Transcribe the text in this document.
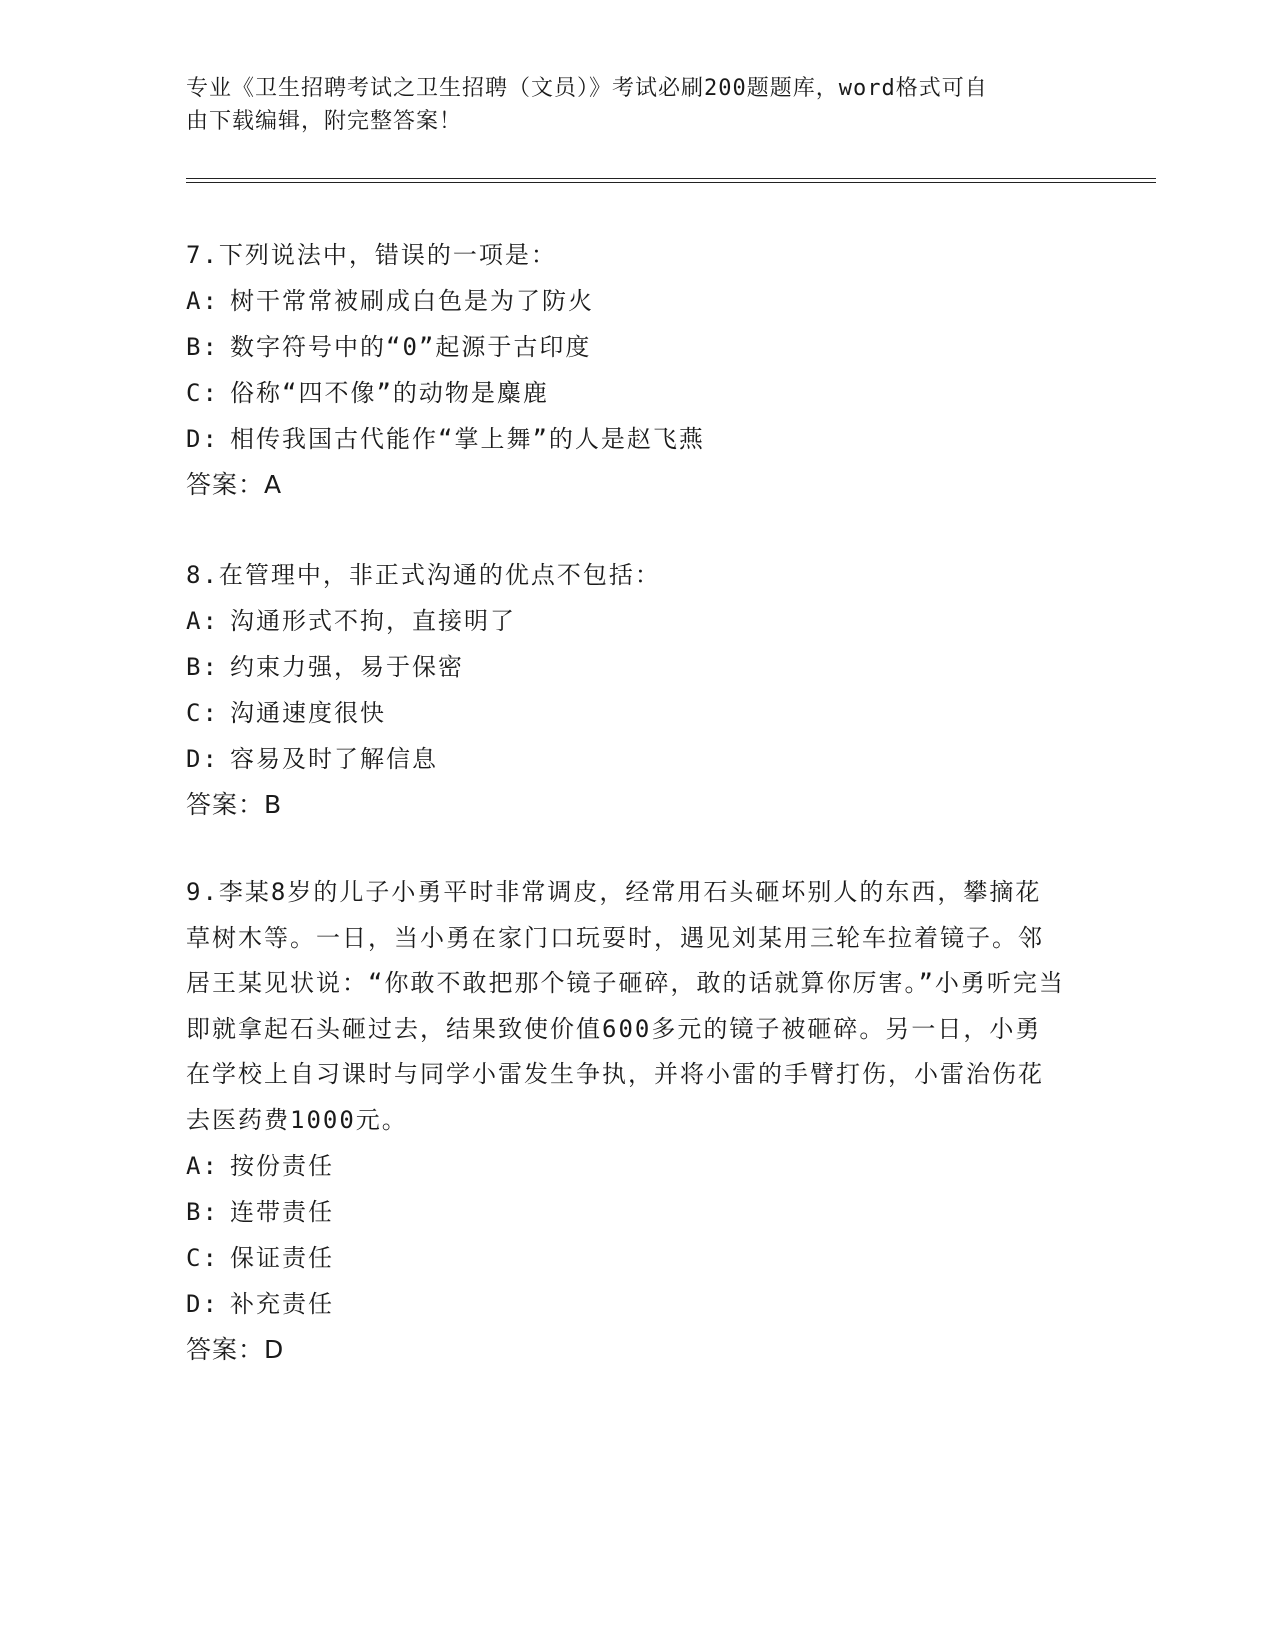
专业《卫生招聘考试之卫生招聘（文员）》考试必刷200题题库，word格式可自
由下载编辑，附完整答案！
7.下列说法中，错误的一项是：
A: 树干常常被刷成白色是为了防火
B: 数字符号中的“0”起源于古印度
C: 俗称“四不像”的动物是麋鹿
D: 相传我国古代能作“掌上舞”的人是赵飞燕
答案：A
8.在管理中，非正式沟通的优点不包括：
A: 沟通形式不拘，直接明了
B: 约束力强，易于保密
C: 沟通速度很快
D: 容易及时了解信息
答案：B
9.李某8岁的儿子小勇平时非常调皮，经常用石头砸坏别人的东西，攀摘花草树木等。一日，当小勇在家门口玩耍时，遇见刘某用三轮车拉着镜子。邻居王某见状说：“你敢不敢把那个镜子砸碎，敢的话就算你厉害。”小勇听完当即就拿起石头砸过去，结果致使价值600多元的镜子被砸碎。另一日，小勇在学校上自习课时与同学小雷发生争执，并将小雷的手臂打伤，小雷治伤花去医药费1000元。
A: 按份责任
B: 连带责任
C: 保证责任
D: 补充责任
答案：D
